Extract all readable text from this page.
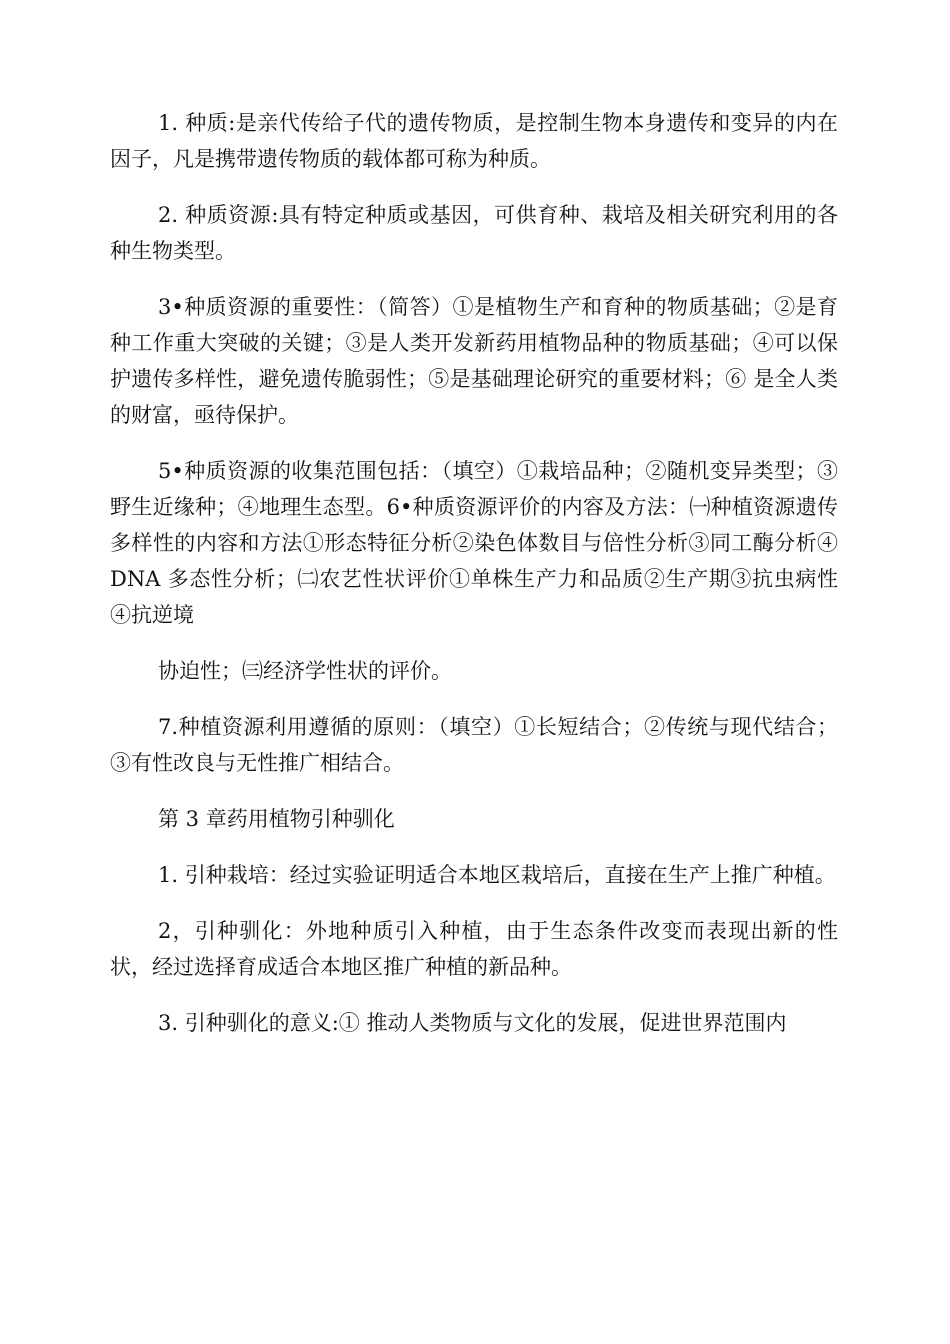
1. 种质:是亲代传给子代的遗传物质，是控制生物本身遗传和变异的内在因子，凡是携带遗传物质的载体都可称为种质。

2. 种质资源:具有特定种质或基因，可供育种、栽培及相关研究利用的各种生物类型。

3•种质资源的重要性：（简答）①是植物生产和育种的物质基础；②是育种工作重大突破的关键；③是人类开发新药用植物品种的物质基础；④可以保护遗传多样性，避免遗传脆弱性；⑤是基础理论研究的重要材料；⑥ 是全人类的财富，亟待保护。

5•种质资源的收集范围包括：（填空）①栽培品种；②随机变异类型；③ 野生近缘种；④地理生态型。6•种质资源评价的内容及方法：㈠种植资源遗传多样性的内容和方法①形态特征分析②染色体数目与倍性分析③同工酶分析④ DNA 多态性分析；㈡农艺性状评价①单株生产力和品质②生产期③抗虫病性④抗逆境

协迫性；㈢经济学性状的评价。

7.种植资源利用遵循的原则：（填空）①长短结合；②传统与现代结合；③有性改良与无性推广相结合。

第 3 章药用植物引种驯化

1. 引种栽培：经过实验证明适合本地区栽培后，直接在生产上推广种植。

2，引种驯化：外地种质引入种植，由于生态条件改变而表现出新的性状，经过选择育成适合本地区推广种植的新品种。

3. 引种驯化的意义:① 推动人类物质与文化的发展，促进世界范围内
